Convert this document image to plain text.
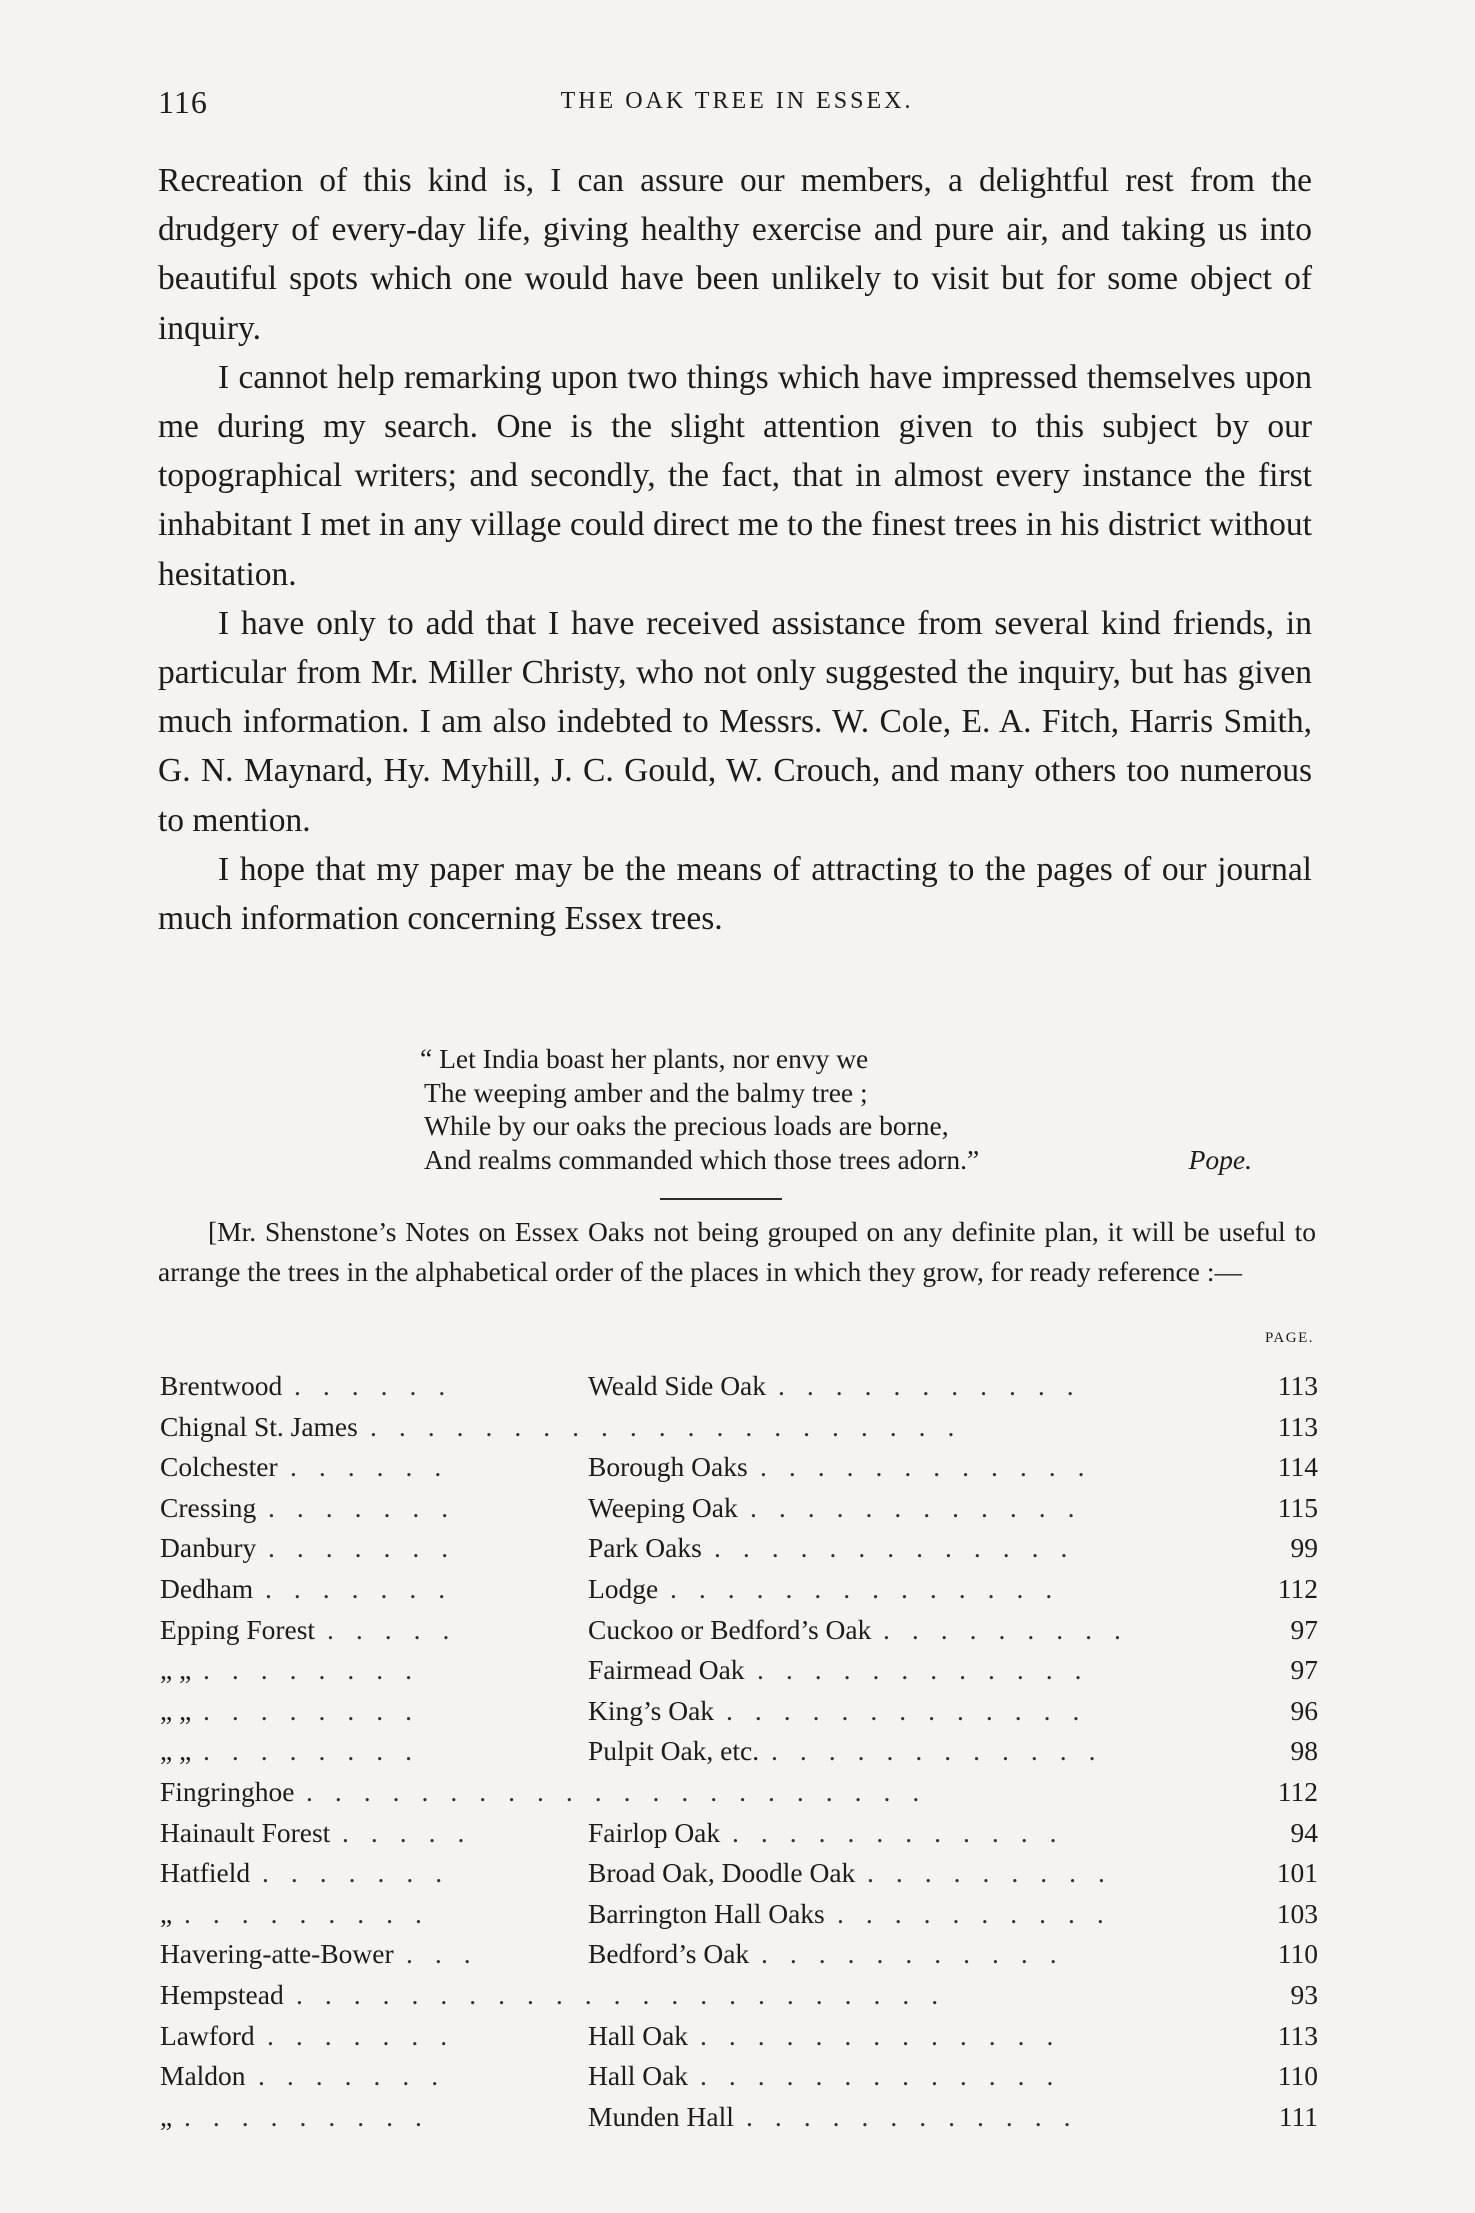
116	THE OAK TREE IN ESSEX.

Recreation of this kind is, I can assure our members, a delightful rest from the drudgery of every-day life, giving healthy exercise and pure air, and taking us into beautiful spots which one would have been unlikely to visit but for some object of inquiry.

I cannot help remarking upon two things which have impressed themselves upon me during my search. One is the slight attention given to this subject by our topographical writers; and secondly, the fact, that in almost every instance the first inhabitant I met in any village could direct me to the finest trees in his district without hesitation.

I have only to add that I have received assistance from several kind friends, in particular from Mr. Miller Christy, who not only suggested the inquiry, but has given much information. I am also indebted to Messrs. W. Cole, E. A. Fitch, Harris Smith, G. N. Maynard, Hy. Myhill, J. C. Gould, W. Crouch, and many others too numerous to mention.

I hope that my paper may be the means of attracting to the pages of our journal much information concerning Essex trees.

“ Let India boast her plants, nor envy we
The weeping amber and the balmy tree ;
While by our oaks the precious loads are borne,
And realms commanded which those trees adorn.”	Pope.

[Mr. Shenstone’s Notes on Essex Oaks not being grouped on any definite plan, it will be useful to arrange the trees in the alphabetical order of the places in which they grow, for ready reference :—

PAGE.
Brentwood	Weald Side Oak	113
......	...........
Chignal St. James	113
.....................
Colchester	Borough Oaks	114
......	............
Cressing	Weeping Oak	115
.......	............
Danbury	Park Oaks	99
.......	.............
Dedham	Lodge	112
.......	..............
Epping Forest	Cuckoo or Bedford’s Oak	97
.....	.........
„ „	Fairmead Oak	97
........	............
„ „	King’s Oak	96
........	.............
„ „	Pulpit Oak, etc.	98
........	............
Fingringhoe	112
......................
Hainault Forest	Fairlop Oak	94
.....	............
Hatfield	Broad Oak, Doodle Oak	101
.......	.........
„	Barrington Hall Oaks	103
.........	..........
Havering-atte-Bower	Bedford’s Oak	110
...	...........
Hempstead	93
.......................
Lawford	Hall Oak	113
.......	.............
Maldon	Hall Oak	110
.......	.............
„	Munden Hall	111
.........	............
